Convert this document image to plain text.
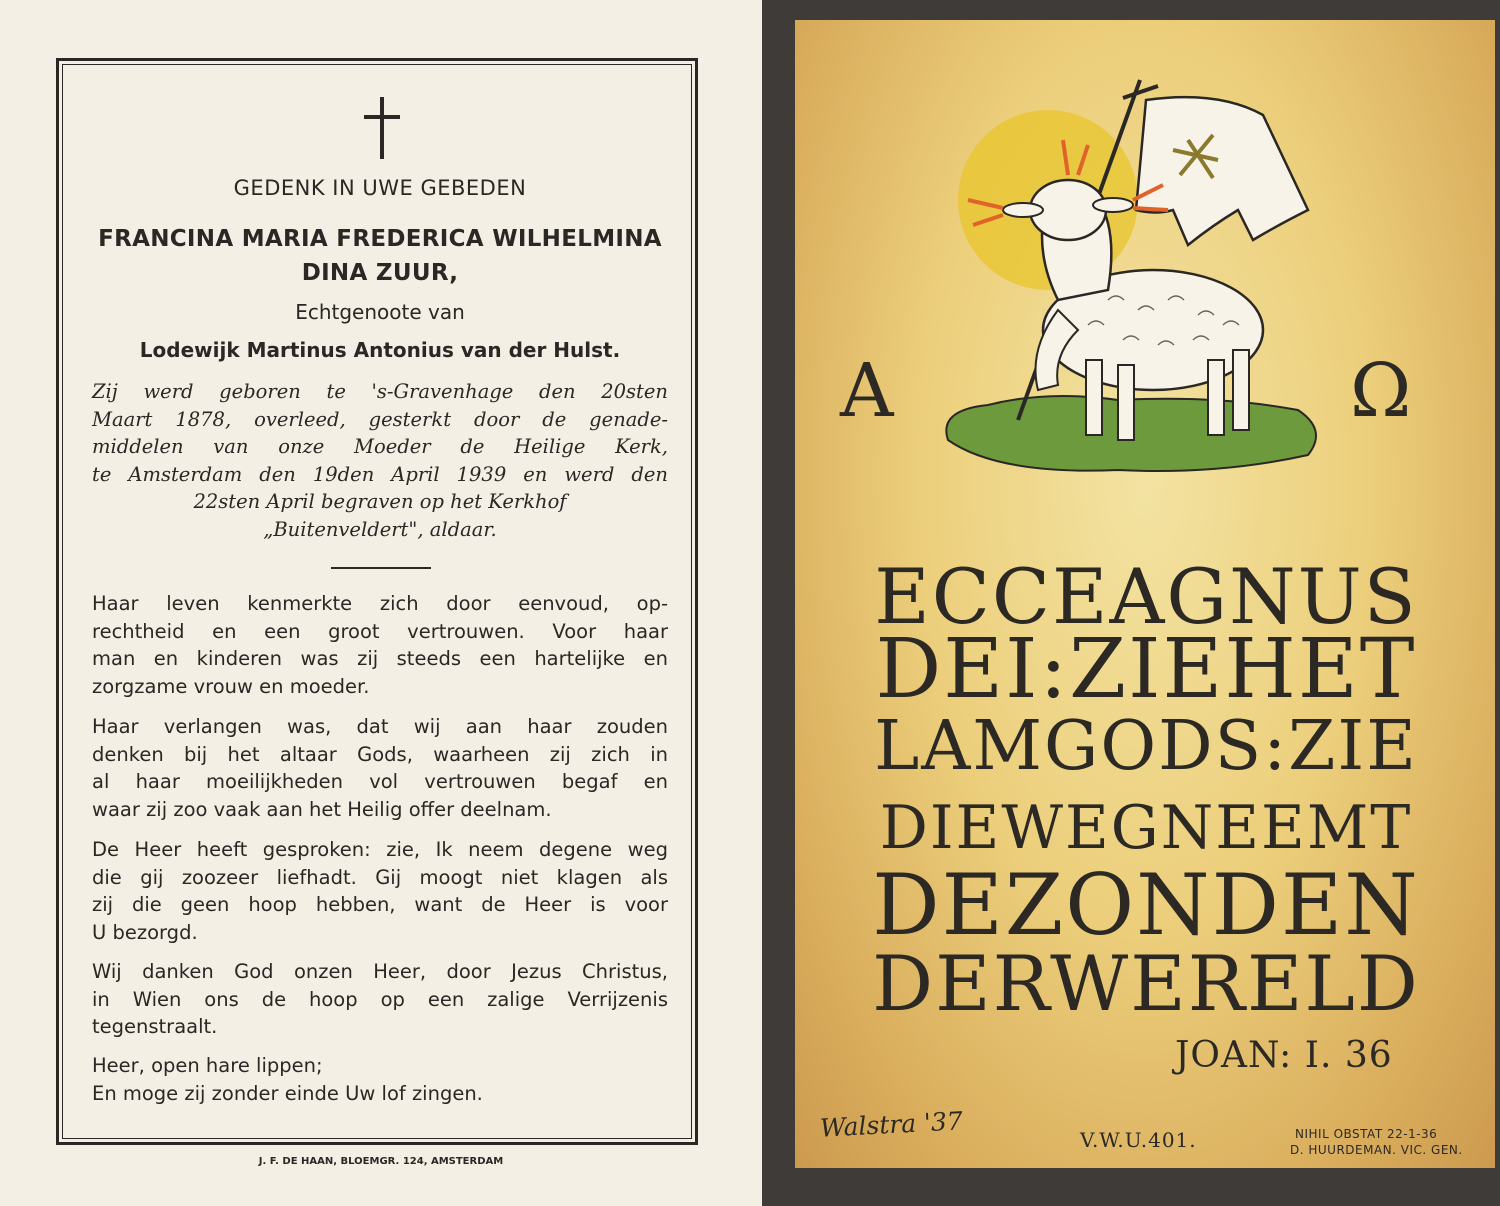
GEDENK IN UWE GEBEDEN
FRANCINA MARIA FREDERICA WILHELMINA
DINA ZUUR,
Echtgenoote van
Lodewijk Martinus Antonius van der Hulst.
Zij werd geboren te 's-Gravenhage den 20sten
Maart 1878, overleed, gesterkt door de genade-
middelen van onze Moeder de Heilige Kerk,
te Amsterdam den 19den April 1939 en werd den
22sten April begraven op het Kerkhof
„Buitenveldert", aldaar.
Haar leven kenmerkte zich door eenvoud, op-
rechtheid en een groot vertrouwen. Voor haar
man en kinderen was zij steeds een hartelijke en
zorgzame vrouw en moeder.
Haar verlangen was, dat wij aan haar zouden
denken bij het altaar Gods, waarheen zij zich in
al haar moeilijkheden vol vertrouwen begaf en
waar zij zoo vaak aan het Heilig offer deelnam.
De Heer heeft gesproken: zie, Ik neem degene weg
die gij zoozeer liefhadt. Gij moogt niet klagen als
zij die geen hoop hebben, want de Heer is voor
U bezorgd.
Wij danken God onzen Heer, door Jezus Christus,
in Wien ons de hoop op een zalige Verrijzenis
tegenstraalt.
Heer, open hare lippen;
En moge zij zonder einde Uw lof zingen.
J. F. DE HAAN, BLOEMGR. 124, AMSTERDAM
A	Ω
ECCEAGNUS
DEI:ZIEHET
LAMGODS:ZIE
DIEWEGNEEMT
DEZONDEN
DERWERELD
JOAN: I. 36
Walstra '37	V.W.U.401.	NIHIL OBSTAT 22-1-36
D. HUURDEMAN. VIC. GEN.
